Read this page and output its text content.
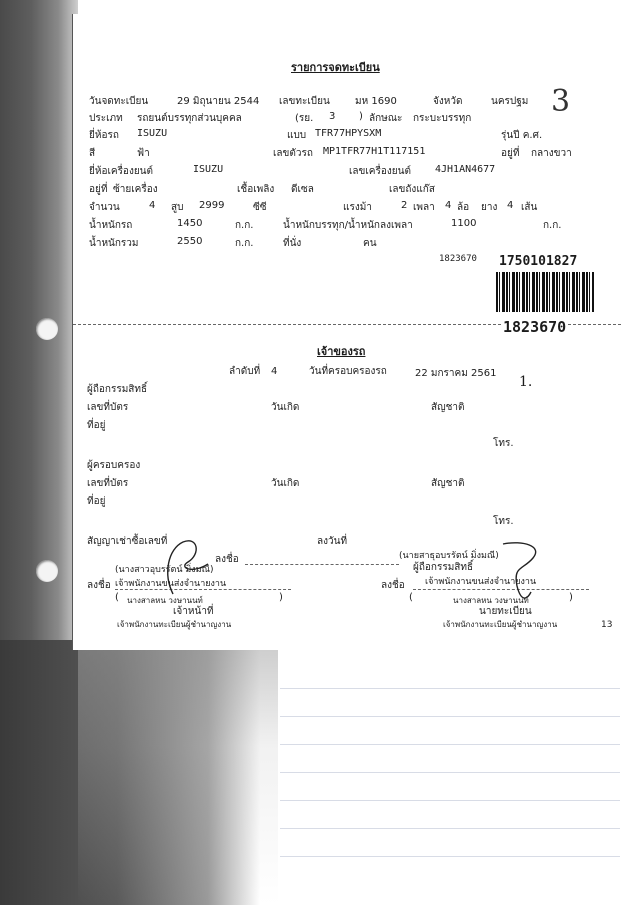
รายการจดทะเบียน
3
วันจดทะเบียน	29 มิถุนายน 2544 เลขทะเบียน	มห 1690	จังหวัด	นครปฐม
ประเภท รถยนต์บรรทุกส่วนบุคคล	(รย. 3 ) ลักษณะ กระบะบรรทุก
ยี่ห้อรถ ISUZU	แบบ TFR77HPYSXM	รุ่นปี ค.ศ.
สี	ฟ้า	เลขตัวรถ MP1TFR77H1T117151	อยู่ที่ กลางขวา
ยี่ห้อเครื่องยนต์	ISUZU	เลขเครื่องยนต์ 4JH1AN4677
อยู่ที่ ซ้ายเครื่อง	เชื้อเพลิง ดีเซล	เลขถังแก๊ส
จำนวน	4 สูบ 2999	ซีซี	แรงม้า	2 เพลา 4 ล้อ ยาง 4 เส้น
น้ำหนักรถ	1450	ก.ก.	น้ำหนักบรรทุก/น้ำหนักลงเพลา	1100	ก.ก.
น้ำหนักรวม	2550	ก.ก.	ที่นั่ง	คน
1823670 1750101827
1823670
เจ้าของรถ
ลำดับที่ 4	วันที่ครอบครองรถ	22 มกราคม 2561
1.
ผู้ถือกรรมสิทธิ์
เลขที่บัตร	วันเกิด	สัญชาติ
ที่อยู่
โทร.
ผู้ครอบครอง
เลขที่บัตร	วันเกิด	สัญชาติ
ที่อยู่
โทร.
สัญญาเช่าซื้อเลขที่	ลงวันที่
ลงชื่อ	(นายสาธุอบรรัตน์ มิ่งมณี)
ผู้ถือกรรมสิทธิ์
(นางสาวอุบรรัตน์ มิ่งมณี)
เจ้าพนักงานขนส่งจำนายงาน
ลงชื่อ เจ้าพนักงานขนส่งจำนายงาน	ลงชื่อ
( นางสาลหน วงษานนท์	)	(	นางสาลหน วงษานนท์	)
เจ้าหน้าที่	นายทะเบียน
เจ้าพนักงานทะเบียนผู้ชำนาญงาน	เจ้าพนักงานทะเบียนผู้ชำนาญงาน	13
